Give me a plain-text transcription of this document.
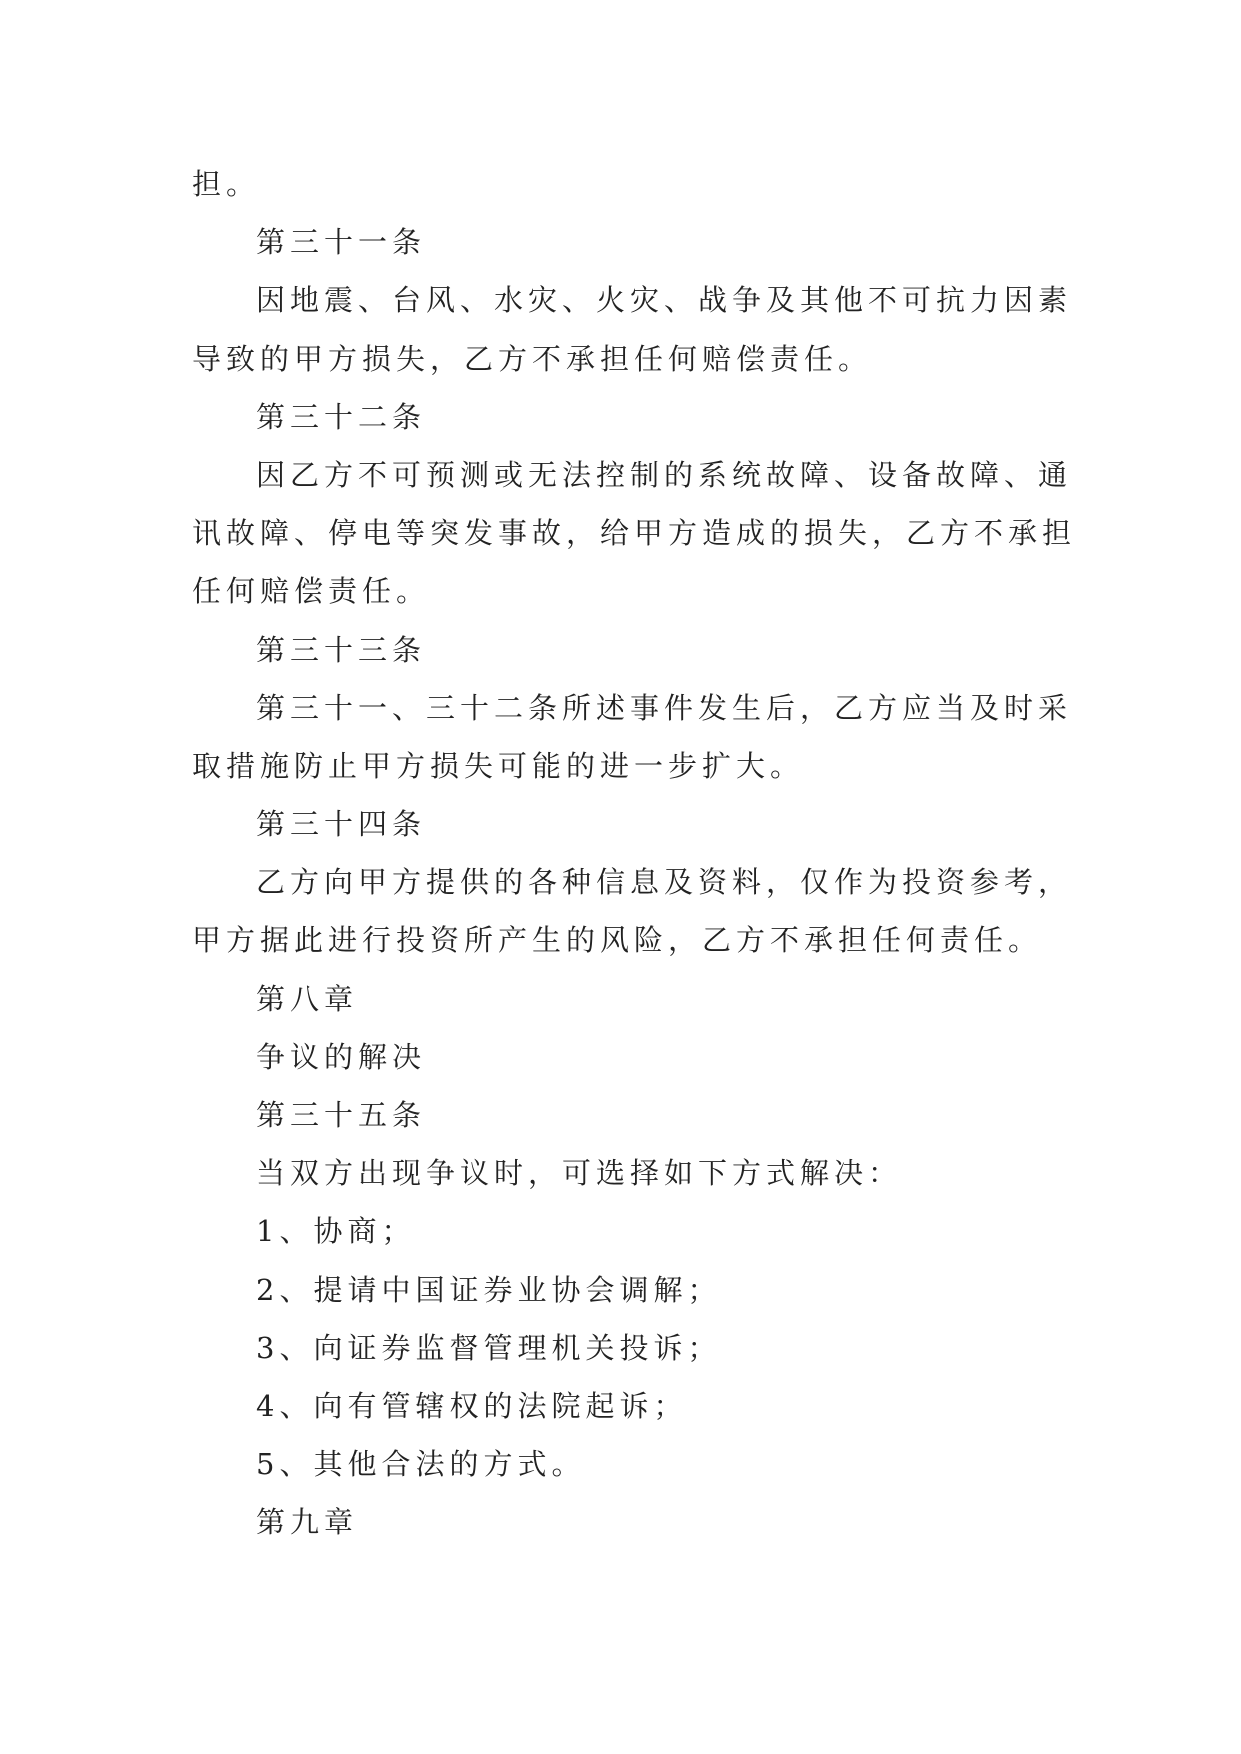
担。
第三十一条
因地震、台风、水灾、火灾、战争及其他不可抗力因素
导致的甲方损失，乙方不承担任何赔偿责任。
第三十二条
因乙方不可预测或无法控制的系统故障、设备故障、通
讯故障、停电等突发事故，给甲方造成的损失，乙方不承担
任何赔偿责任。
第三十三条
第三十一、三十二条所述事件发生后，乙方应当及时采
取措施防止甲方损失可能的进一步扩大。
第三十四条
乙方向甲方提供的各种信息及资料，仅作为投资参考，
甲方据此进行投资所产生的风险，乙方不承担任何责任。
第八章
争议的解决
第三十五条
当双方出现争议时，可选择如下方式解决：
1、协商；
2、提请中国证券业协会调解；
3、向证券监督管理机关投诉；
4、向有管辖权的法院起诉；
5、其他合法的方式。
第九章
